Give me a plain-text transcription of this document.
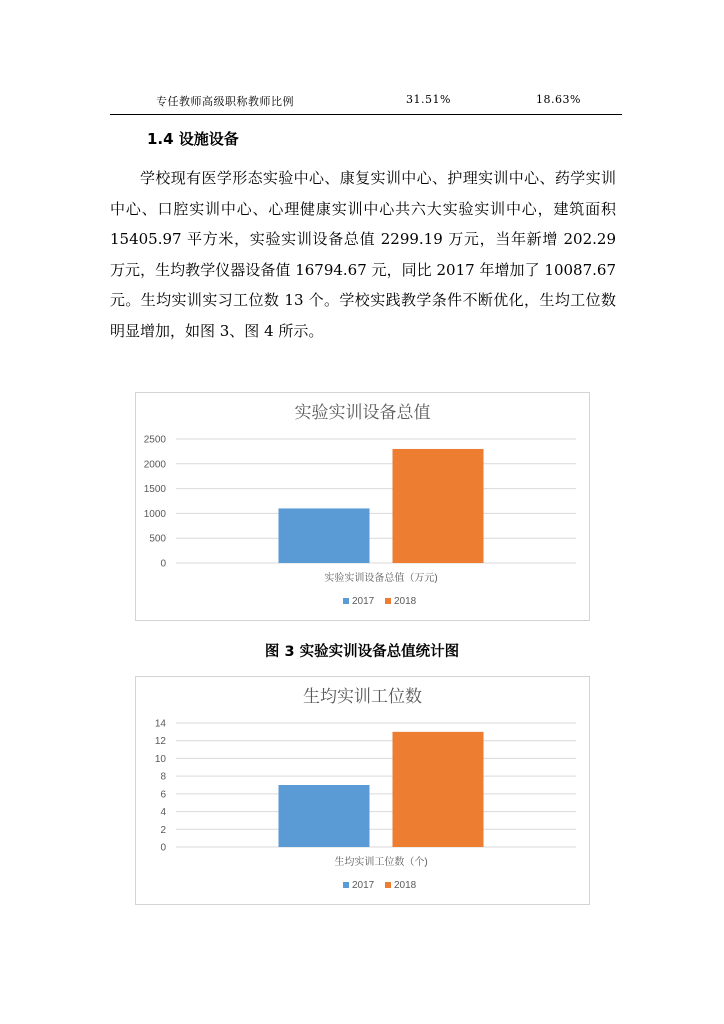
专任教师高级职称教师比例	31.51%	18.63%
1.4 设施设备

学校现有医学形态实验中心、康复实训中心、护理实训中心、药学实训中心、口腔实训中心、心理健康实训中心共六大实验实训中心，建筑面积 15405.97 平方米，实验实训设备总值 2299.19 万元，当年新增 202.29 万元，生均教学仪器设备值 16794.67 元，同比 2017 年增加了 10087.67 元。生均实训实习工位数 13 个。学校实践教学条件不断优化，生均工位数明显增加，如图 3、图 4 所示。

实验实训设备总值
0
500
1000
1500
2000
2500
实验实训设备总值（万元)
2017 2018
图 3 实验实训设备总值统计图
生均实训工位数
0
2
4
6
8
10
12
14
生均实训工位数（个)
2017 2018
